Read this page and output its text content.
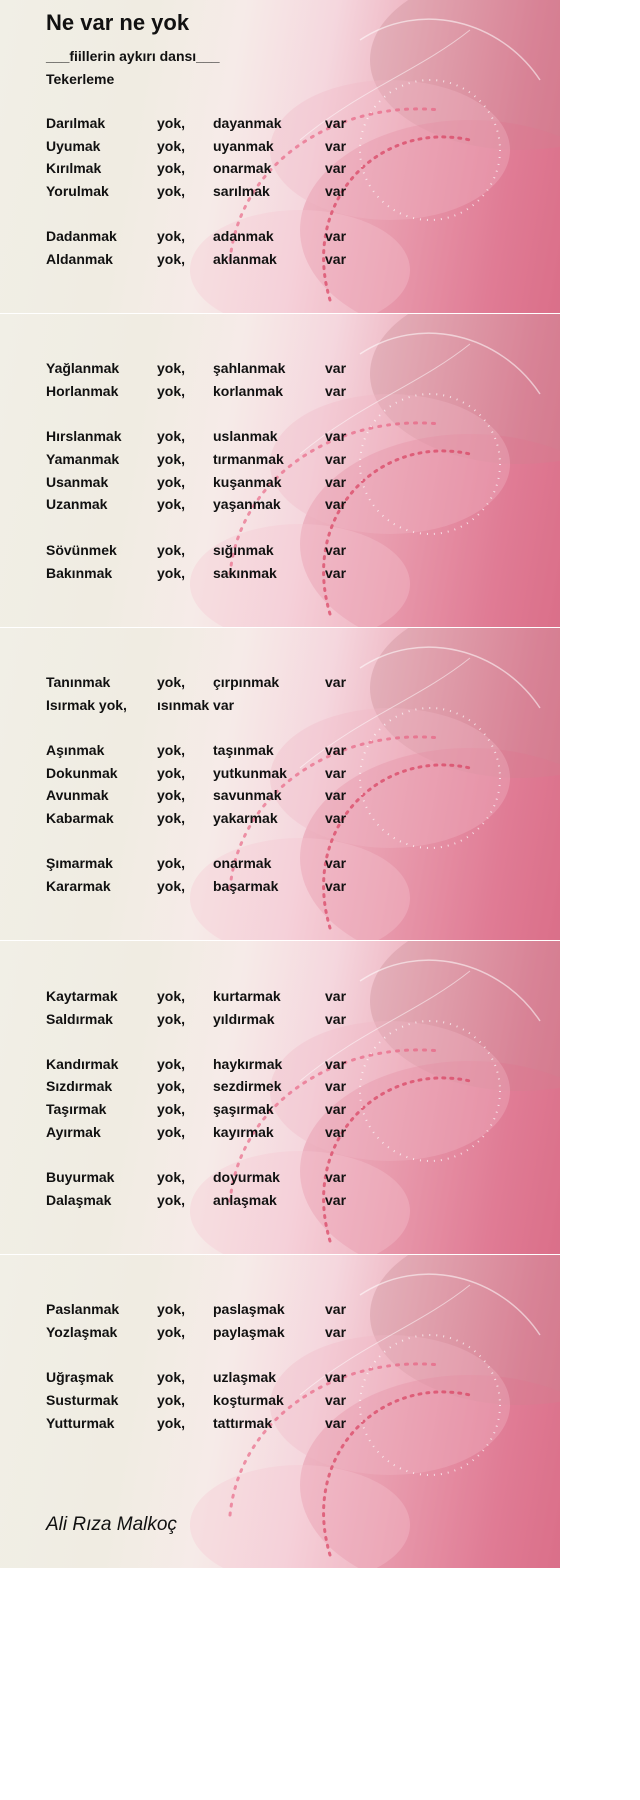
Ne var ne yok
___fiillerin aykırı dansı___
Tekerleme
Darılmak	yok, dayanmak	var
Uyumak	yok, uyanmak	var
Kırılmak	yok, onarmak	var
Yorulmak	yok, sarılmak	var
Dadanmak	yok, adanmak	var
Aldanmak	yok, aklanmak	var
Yağlanmak	yok, şahlanmak	var
Horlanmak	yok, korlanmak	var
Hırslanmak	yok, uslanmak	var
Yamanmak	yok, tırmanmak	var
Usanmak	yok, kuşanmak	var
Uzanmak	yok, yaşanmak	var
Sövünmek	yok, sığınmak	var
Bakınmak	yok, sakınmak	var
Tanınmak	yok, çırpınmak	var
Isırmak yok, ısınmak var
Aşınmak	yok, taşınmak	var
Dokunmak	yok, yutkunmak	var
Avunmak	yok, savunmak	var
Kabarmak	yok, yakarmak	var
Şımarmak	yok, onarmak	var
Kararmak	yok, başarmak	var
Kaytarmak	yok, kurtarmak	var
Saldırmak	yok, yıldırmak	var
Kandırmak	yok, haykırmak	var
Sızdırmak	yok, sezdirmek	var
Taşırmak	yok, şaşırmak	var
Ayırmak	yok, kayırmak	var
Buyurmak	yok, doyurmak	var
Dalaşmak	yok, anlaşmak	var
Paslanmak	yok, paslaşmak	var
Yozlaşmak	yok, paylaşmak	var
Uğraşmak	yok, uzlaşmak	var
Susturmak	yok, koşturmak	var
Yutturmak	yok, tattırmak	var
Ali Rıza Malkoç
